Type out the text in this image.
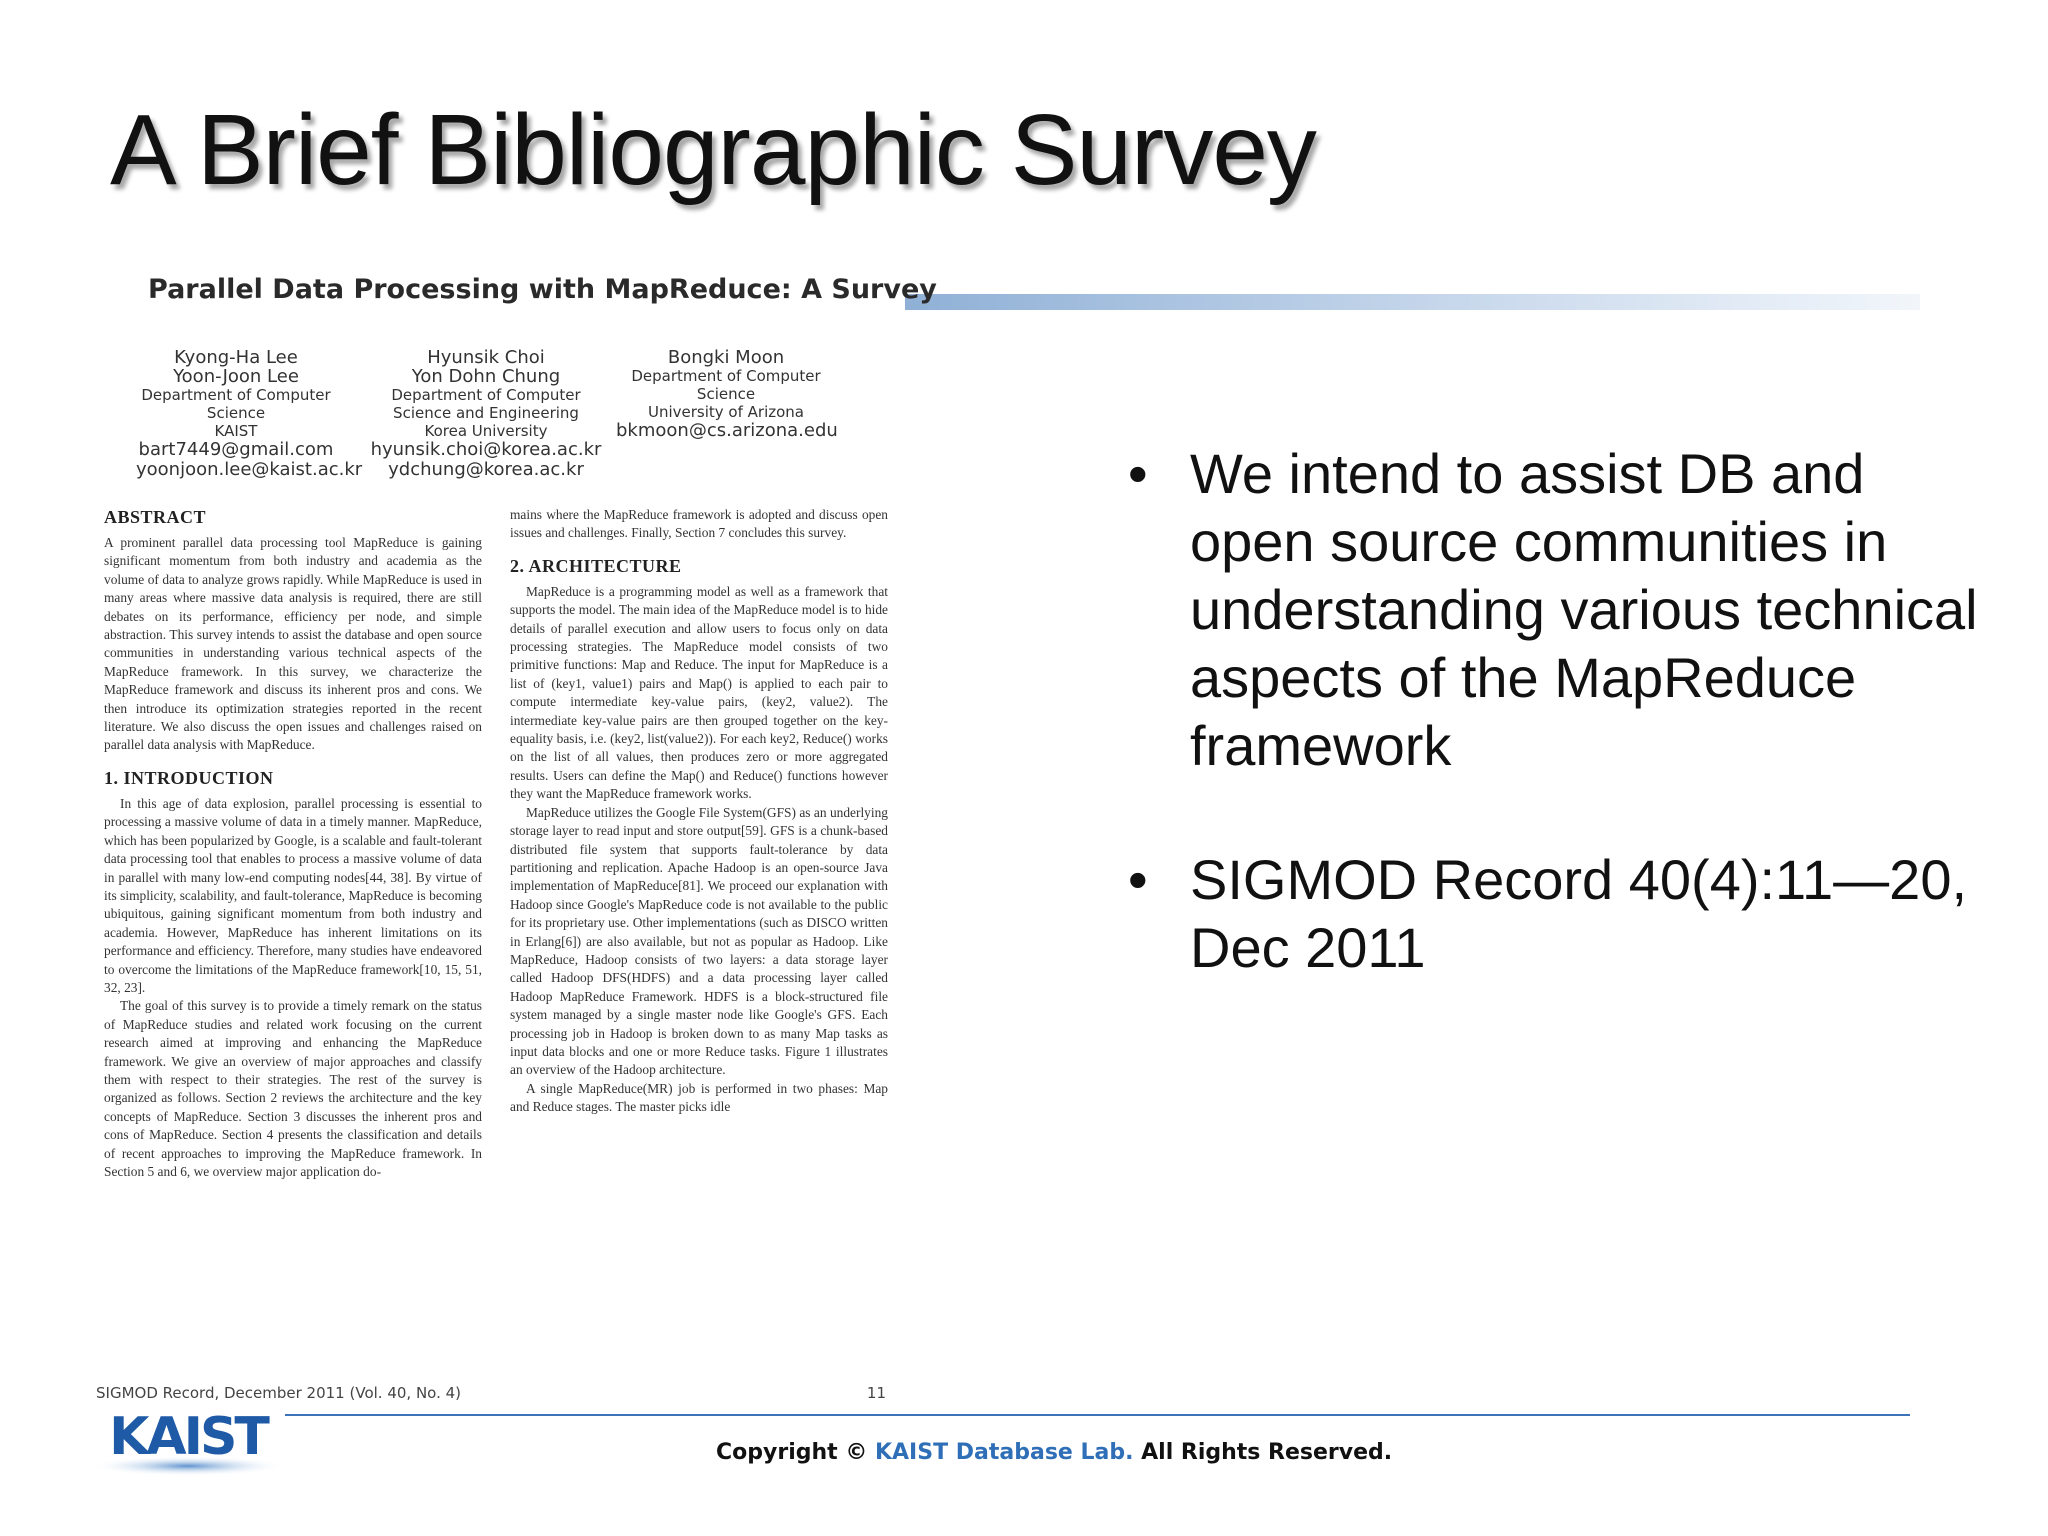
A Brief Bibliographic Survey
Parallel Data Processing with MapReduce: A Survey
Kyong-Ha Lee
Yoon-Joon Lee
Department of Computer
Science
KAIST
bart7449@gmail.com
yoonjoon.lee@kaist.ac.kr
Hyunsik Choi
Yon Dohn Chung
Department of Computer
Science and Engineering
Korea University
hyunsik.choi@korea.ac.kr
ydchung@korea.ac.kr
Bongki Moon
Department of Computer
Science
University of Arizona
bkmoon@cs.arizona.edu
ABSTRACT

A prominent parallel data processing tool MapReduce is gaining significant momentum from both industry and academia as the volume of data to analyze grows rapidly. While MapReduce is used in many areas where massive data analysis is required, there are still debates on its performance, efficiency per node, and simple abstraction. This survey intends to assist the database and open source communities in understanding various technical aspects of the MapReduce framework. In this survey, we characterize the MapReduce framework and discuss its inherent pros and cons. We then introduce its optimization strategies reported in the recent literature. We also discuss the open issues and challenges raised on parallel data analysis with MapReduce.

1. INTRODUCTION

In this age of data explosion, parallel processing is essential to processing a massive volume of data in a timely manner. MapReduce, which has been popularized by Google, is a scalable and fault-tolerant data processing tool that enables to process a massive volume of data in parallel with many low-end computing nodes[44, 38]. By virtue of its simplicity, scalability, and fault-tolerance, MapReduce is becoming ubiquitous, gaining significant momentum from both industry and academia. However, MapReduce has inherent limitations on its performance and efficiency. Therefore, many studies have endeavored to overcome the limitations of the MapReduce framework[10, 15, 51, 32, 23].

The goal of this survey is to provide a timely remark on the status of MapReduce studies and related work focusing on the current research aimed at improving and enhancing the MapReduce framework. We give an overview of major approaches and classify them with respect to their strategies. The rest of the survey is organized as follows. Section 2 reviews the architecture and the key concepts of MapReduce. Section 3 discusses the inherent pros and cons of MapReduce. Section 4 presents the classification and details of recent approaches to improving the MapReduce framework. In Section 5 and 6, we overview major application do-

mains where the MapReduce framework is adopted and discuss open issues and challenges. Finally, Section 7 concludes this survey.

2. ARCHITECTURE

MapReduce is a programming model as well as a framework that supports the model. The main idea of the MapReduce model is to hide details of parallel execution and allow users to focus only on data processing strategies. The MapReduce model consists of two primitive functions: Map and Reduce. The input for MapReduce is a list of (key1, value1) pairs and Map() is applied to each pair to compute intermediate key-value pairs, (key2, value2). The intermediate key-value pairs are then grouped together on the key-equality basis, i.e. (key2, list(value2)). For each key2, Reduce() works on the list of all values, then produces zero or more aggregated results. Users can define the Map() and Reduce() functions however they want the MapReduce framework works.

MapReduce utilizes the Google File System(GFS) as an underlying storage layer to read input and store output[59]. GFS is a chunk-based distributed file system that supports fault-tolerance by data partitioning and replication. Apache Hadoop is an open-source Java implementation of MapReduce[81]. We proceed our explanation with Hadoop since Google's MapReduce code is not available to the public for its proprietary use. Other implementations (such as DISCO written in Erlang[6]) are also available, but not as popular as Hadoop. Like MapReduce, Hadoop consists of two layers: a data storage layer called Hadoop DFS(HDFS) and a data processing layer called Hadoop MapReduce Framework. HDFS is a block-structured file system managed by a single master node like Google's GFS. Each processing job in Hadoop is broken down to as many Map tasks as input data blocks and one or more Reduce tasks. Figure 1 illustrates an overview of the Hadoop architecture.

A single MapReduce(MR) job is performed in two phases: Map and Reduce stages. The master picks idle

SIGMOD Record, December 2011 (Vol. 40, No. 4)	11
• We intend to assist DB and open source communities in understanding various technical aspects of the MapReduce framework
• SIGMOD Record 40(4):11—20, Dec 2011
KAIST	Copyright © KAIST Database Lab. All Rights Reserved.
